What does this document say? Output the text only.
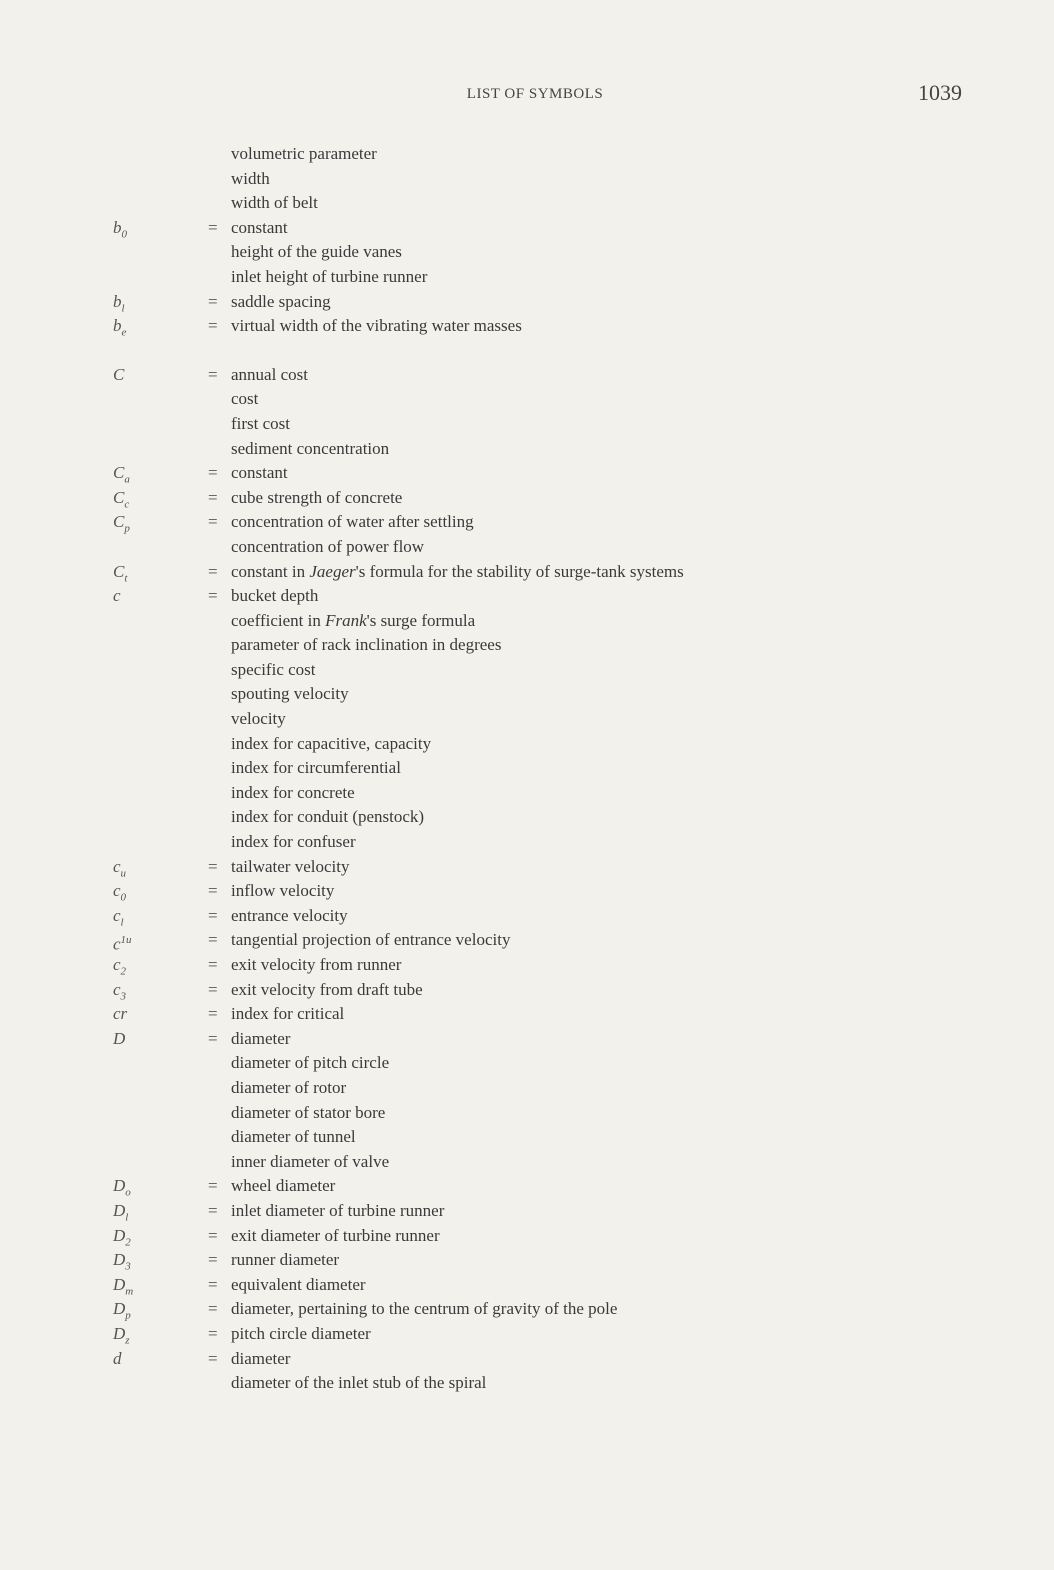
LIST OF SYMBOLS	1039
volumetric parameter
width
width of belt
$b_0$	= constant
height of the guide vanes
inlet height of turbine runner
$b_l$	= saddle spacing
$b_e$	= virtual width of the vibrating water masses
C	= annual cost
cost
first cost
sediment concentration
$C_a$	= constant
$C_c$	= cube strength of concrete
$C_p$	= concentration of water after settling
concentration of power flow
$C_t$	= constant in Jaeger's formula for the stability of surge-tank systems
c	= bucket depth
coefficient in Frank's surge formula
parameter of rack inclination in degrees
specific cost
spouting velocity
velocity
index for capacitive, capacity
index for circumferential
index for concrete
index for conduit (penstock)
index for confuser
$c_u$	= tailwater velocity
$c_0$	= inflow velocity
$c_l$	= entrance velocity
$c^{1u}$	= tangential projection of entrance velocity
$c_2$	= exit velocity from runner
$c_3$	= exit velocity from draft tube
cr	= index for critical
D	= diameter
diameter of pitch circle
diameter of rotor
diameter of stator bore
diameter of tunnel
inner diameter of valve
$D_o$	= wheel diameter
$D_l$	= inlet diameter of turbine runner
$D_2$	= exit diameter of turbine runner
$D_3$	= runner diameter
$D_m$	= equivalent diameter
$D_p$	= diameter, pertaining to the centrum of gravity of the pole
$D_z$	= pitch circle diameter
d	= diameter
diameter of the inlet stub of the spiral
